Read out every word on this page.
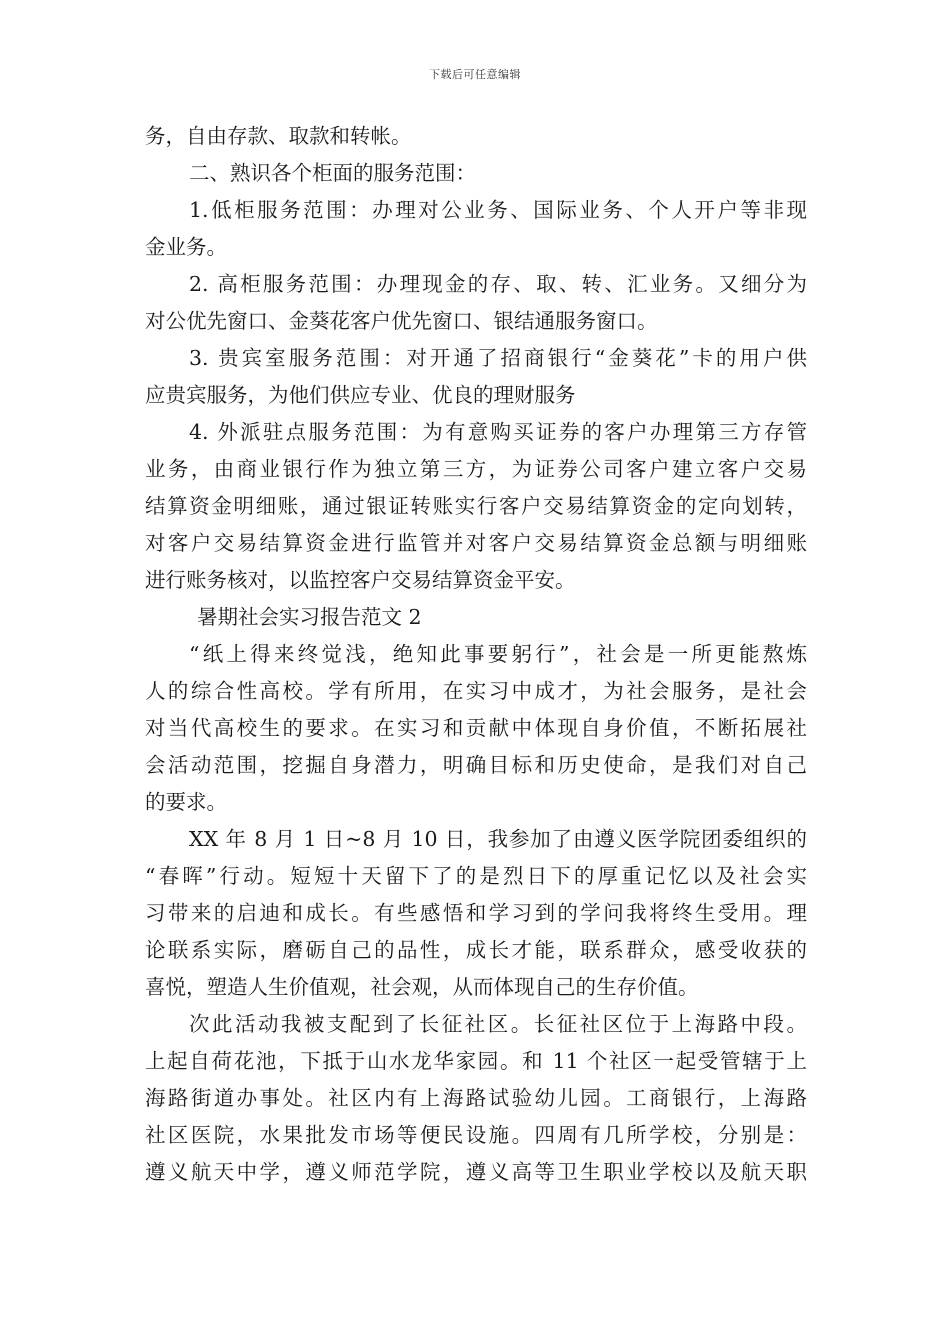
下载后可任意编辑
务，自由存款、取款和转帐。
二、熟识各个柜面的服务范围：
1.低柜服务范围：办理对公业务、国际业务、个人开户等非现
金业务。
2. 高柜服务范围：办理现金的存、取、转、汇业务。又细分为
对公优先窗口、金葵花客户优先窗口、银结通服务窗口。
3. 贵宾室服务范围：对开通了招商银行“金葵花”卡的用户供
应贵宾服务，为他们供应专业、优良的理财服务
4. 外派驻点服务范围：为有意购买证券的客户办理第三方存管
业务，由商业银行作为独立第三方，为证券公司客户建立客户交易
结算资金明细账，通过银证转账实行客户交易结算资金的定向划转，
对客户交易结算资金进行监管并对客户交易结算资金总额与明细账
进行账务核对，以监控客户交易结算资金平安。
暑期社会实习报告范文 2
“纸上得来终觉浅，绝知此事要躬行”，社会是一所更能熬炼
人的综合性高校。学有所用，在实习中成才，为社会服务，是社会
对当代高校生的要求。在实习和贡献中体现自身价值，不断拓展社
会活动范围，挖掘自身潜力，明确目标和历史使命，是我们对自己
的要求。
XX 年 8 月 1 日~8 月 10 日，我参加了由遵义医学院团委组织的
“春晖”行动。短短十天留下了的是烈日下的厚重记忆以及社会实
习带来的启迪和成长。有些感悟和学习到的学问我将终生受用。理
论联系实际，磨砺自己的品性，成长才能，联系群众，感受收获的
喜悦，塑造人生价值观，社会观，从而体现自己的生存价值。
次此活动我被支配到了长征社区。长征社区位于上海路中段。
上起自荷花池，下抵于山水龙华家园。和 11 个社区一起受管辖于上
海路街道办事处。社区内有上海路试验幼儿园。工商银行，上海路
社区医院，水果批发市场等便民设施。四周有几所学校，分别是：
遵义航天中学，遵义师范学院，遵义高等卫生职业学校以及航天职
